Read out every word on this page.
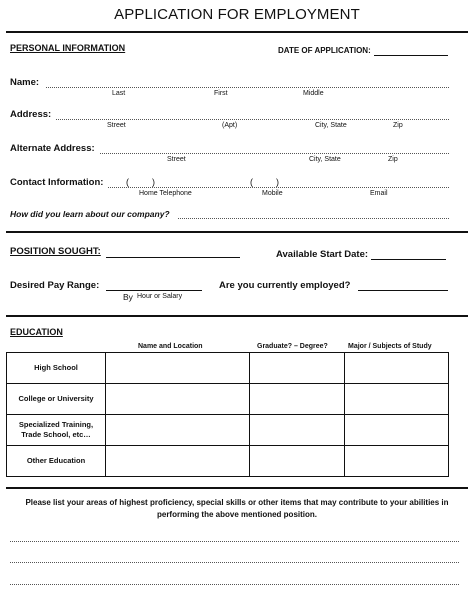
APPLICATION FOR EMPLOYMENT
PERSONAL INFORMATION	DATE OF APPLICATION:
Name:
Last	First	Middle
Address:
Street	(Apt)	City, State	Zip
Alternate Address:
Street	City, State	Zip
Contact Information:	(	)	(	)
Home Telephone	Mobile	Email
How did you learn about our company?
POSITION SOUGHT:	Available Start Date:
Desired Pay Range:
By Hour or Salary
Are you currently employed?
EDUCATION
Name and Location	Graduate? – Degree?	Major / Subjects of Study
High School			
College or University			
Specialized Training,
Trade School, etc…			
Other Education			
Please list your areas of highest proficiency, special skills or other items that may contribute to your abilities in performing the above mentioned position.
